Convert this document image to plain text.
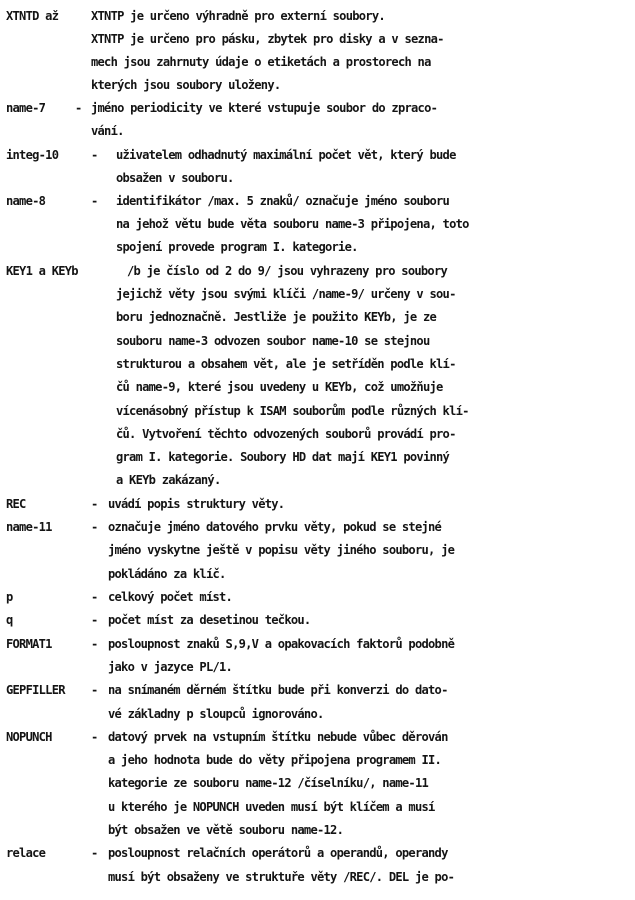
XTNTD až	XTNTP je určeno výhradně pro externí soubory.
XTNTP je určeno pro pásku, zbytek pro disky a v sezna-
mech jsou zahrnuty údaje o etiketách a prostorech na
kterých jsou soubory uloženy.
name-7 - jméno periodicity ve které vstupuje soubor do zpraco-
vání.
integ-10	- uživatelem odhadnutý maximální počet vět, který bude
obsažen v souboru.
name-8	- identifikátor /max. 5 znaků/ označuje jméno souboru
na jehož větu bude věta souboru name-3 připojena, toto
spojení provede program I. kategorie.
KEY1 a KEYb	/b je číslo od 2 do 9/ jsou vyhrazeny pro soubory
jejichž věty jsou svými klíči /name-9/ určeny v sou-
boru jednoznačně. Jestliže je použito KEYb, je ze
souboru name-3 odvozen soubor name-10 se stejnou
strukturou a obsahem vět, ale je setříděn podle klí-
čů name-9, které jsou uvedeny u KEYb, což umožňuje
vícenásobný přístup k ISAM souborům podle různých klí-
čů. Vytvoření těchto odvozených souborů provádí pro-
gram I. kategorie. Soubory HD dat mají KEY1 povinný
a KEYb zakázaný.
REC	- uvádí popis struktury věty.
name-11	- označuje jméno datového prvku věty, pokud se stejné
jméno vyskytne ještě v popisu věty jiného souboru, je
pokládáno za klíč.
p	- celkový počet míst.
q	- počet míst za desetinou tečkou.
FORMAT1	- posloupnost znaků S,9,V a opakovacích faktorů podobně
jako v jazyce PL/1.
GEPFILLER - na snímaném děrném štítku bude při konverzi do dato-
vé základny p sloupců ignorováno.
NOPUNCH	- datový prvek na vstupním štítku nebude vůbec děrován
a jeho hodnota bude do věty připojena programem II.
kategorie ze souboru name-12 /číselníku/, name-11
u kterého je NOPUNCH uveden musí být klíčem a musí
být obsažen ve větě souboru name-12.
relace	- posloupnost relačních operátorů a operandů, operandy
musí být obsaženy ve struktuře věty /REC/. DEL je po-
